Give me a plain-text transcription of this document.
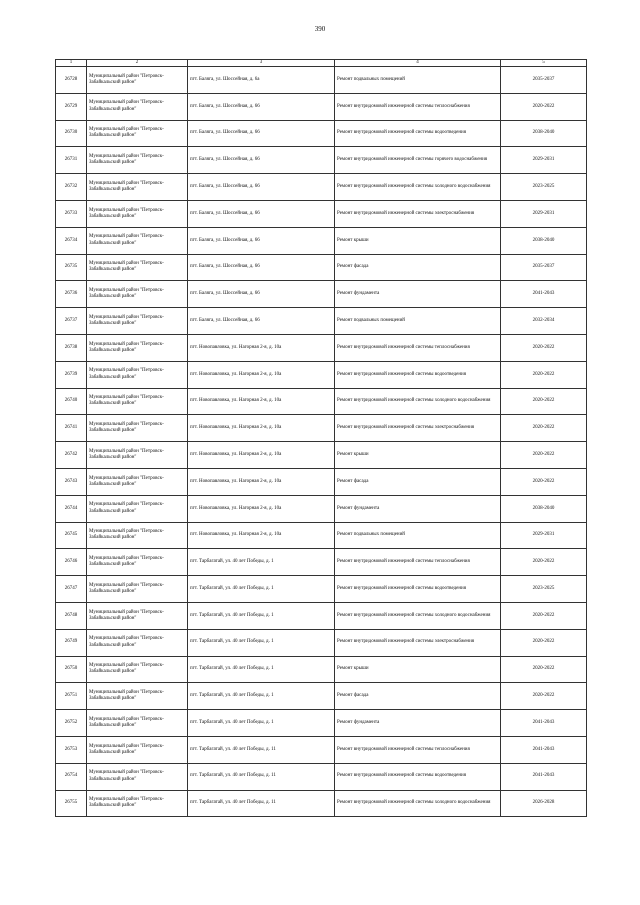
390
1	2	3	4	5
26728	Муниципальный район "Петровск-Забайкальский район"	пгт. Балягa, ул. Шоссейная, д. 6а	Ремонт подвальных помещений	2035-2037
26729	Муниципальный район "Петровск-Забайкальский район"	пгт. Балягa, ул. Шоссейная, д. 66	Ремонт внутридомовой инженерной системы теплоснабжения	2020-2022
26730	Муниципальный район "Петровск-Забайкальский район"	пгт. Балягa, ул. Шоссейная, д. 66	Ремонт внутридомовой инженерной системы водоотведения	2038-2040
26731	Муниципальный район "Петровск-Забайкальский район"	пгт. Балягa, ул. Шоссейная, д. 66	Ремонт внутридомовой инженерной системы горячего водоснабжения	2029-2031
26732	Муниципальный район "Петровск-Забайкальский район"	пгт. Балягa, ул. Шоссейная, д. 66	Ремонт внутридомовой инженерной системы холодного водоснабжения	2023-2025
26733	Муниципальный район "Петровск-Забайкальский район"	пгт. Балягa, ул. Шоссейная, д. 66	Ремонт внутридомовой инженерной системы электроснабжения	2029-2031
26734	Муниципальный район "Петровск-Забайкальский район"	пгт. Балягa, ул. Шоссейная, д. 66	Ремонт крыши	2038-2040
26735	Муниципальный район "Петровск-Забайкальский район"	пгт. Балягa, ул. Шоссейная, д. 66	Ремонт фасада	2035-2037
26736	Муниципальный район "Петровск-Забайкальский район"	пгт. Балягa, ул. Шоссейная, д. 66	Ремонт фундамента	2041-2043
26737	Муниципальный район "Петровск-Забайкальский район"	пгт. Балягa, ул. Шоссейная, д. 66	Ремонт подвальных помещений	2032-2034
26738	Муниципальный район "Петровск-Забайкальский район"	пгт. Новопавловка, ул. Нагорная 2-я, д. 10а	Ремонт внутридомовой инженерной системы теплоснабжения	2020-2022
26739	Муниципальный район "Петровск-Забайкальский район"	пгт. Новопавловка, ул. Нагорная 2-я, д. 10а	Ремонт внутридомовой инженерной системы водоотведения	2020-2022
26740	Муниципальный район "Петровск-Забайкальский район"	пгт. Новопавловка, ул. Нагорная 2-я, д. 10а	Ремонт внутридомовой инженерной системы холодного водоснабжения	2020-2022
26741	Муниципальный район "Петровск-Забайкальский район"	пгт. Новопавловка, ул. Нагорная 2-я, д. 10а	Ремонт внутридомовой инженерной системы электроснабжения	2020-2022
26742	Муниципальный район "Петровск-Забайкальский район"	пгт. Новопавловка, ул. Нагорная 2-я, д. 10а	Ремонт крыши	2020-2022
26743	Муниципальный район "Петровск-Забайкальский район"	пгт. Новопавловка, ул. Нагорная 2-я, д. 10а	Ремонт фасада	2020-2022
26744	Муниципальный район "Петровск-Забайкальский район"	пгт. Новопавловка, ул. Нагорная 2-я, д. 10а	Ремонт фундамента	2038-2040
26745	Муниципальный район "Петровск-Забайкальский район"	пгт. Новопавловка, ул. Нагорная 2-я, д. 10а	Ремонт подвальных помещений	2029-2031
26746	Муниципальный район "Петровск-Забайкальский район"	пгт. Тарбагатай, ул. 40 лет Победы, д. 1	Ремонт внутридомовой инженерной системы теплоснабжения	2020-2022
26747	Муниципальный район "Петровск-Забайкальский район"	пгт. Тарбагатай, ул. 40 лет Победы, д. 1	Ремонт внутридомовой инженерной системы водоотведения	2023-2025
26748	Муниципальный район "Петровск-Забайкальский район"	пгт. Тарбагатай, ул. 40 лет Победы, д. 1	Ремонт внутридомовой инженерной системы холодного водоснабжения	2020-2022
26749	Муниципальный район "Петровск-Забайкальский район"	пгт. Тарбагатай, ул. 40 лет Победы, д. 1	Ремонт внутридомовой инженерной системы электроснабжения	2020-2022
26750	Муниципальный район "Петровск-Забайкальский район"	пгт. Тарбагатай, ул. 40 лет Победы, д. 1	Ремонт крыши	2020-2022
26751	Муниципальный район "Петровск-Забайкальский район"	пгт. Тарбагатай, ул. 40 лет Победы, д. 1	Ремонт фасада	2020-2022
26752	Муниципальный район "Петровск-Забайкальский район"	пгт. Тарбагатай, ул. 40 лет Победы, д. 1	Ремонт фундамента	2041-2043
26753	Муниципальный район "Петровск-Забайкальский район"	пгт. Тарбагатай, ул. 40 лет Победы, д. 11	Ремонт внутридомовой инженерной системы теплоснабжения	2041-2043
26754	Муниципальный район "Петровск-Забайкальский район"	пгт. Тарбагатай, ул. 40 лет Победы, д. 11	Ремонт внутридомовой инженерной системы водоотведения	2041-2043
26755	Муниципальный район "Петровск-Забайкальский район"	пгт. Тарбагатай, ул. 40 лет Победы, д. 11	Ремонт внутридомовой инженерной системы холодного водоснабжения	2026-2028
